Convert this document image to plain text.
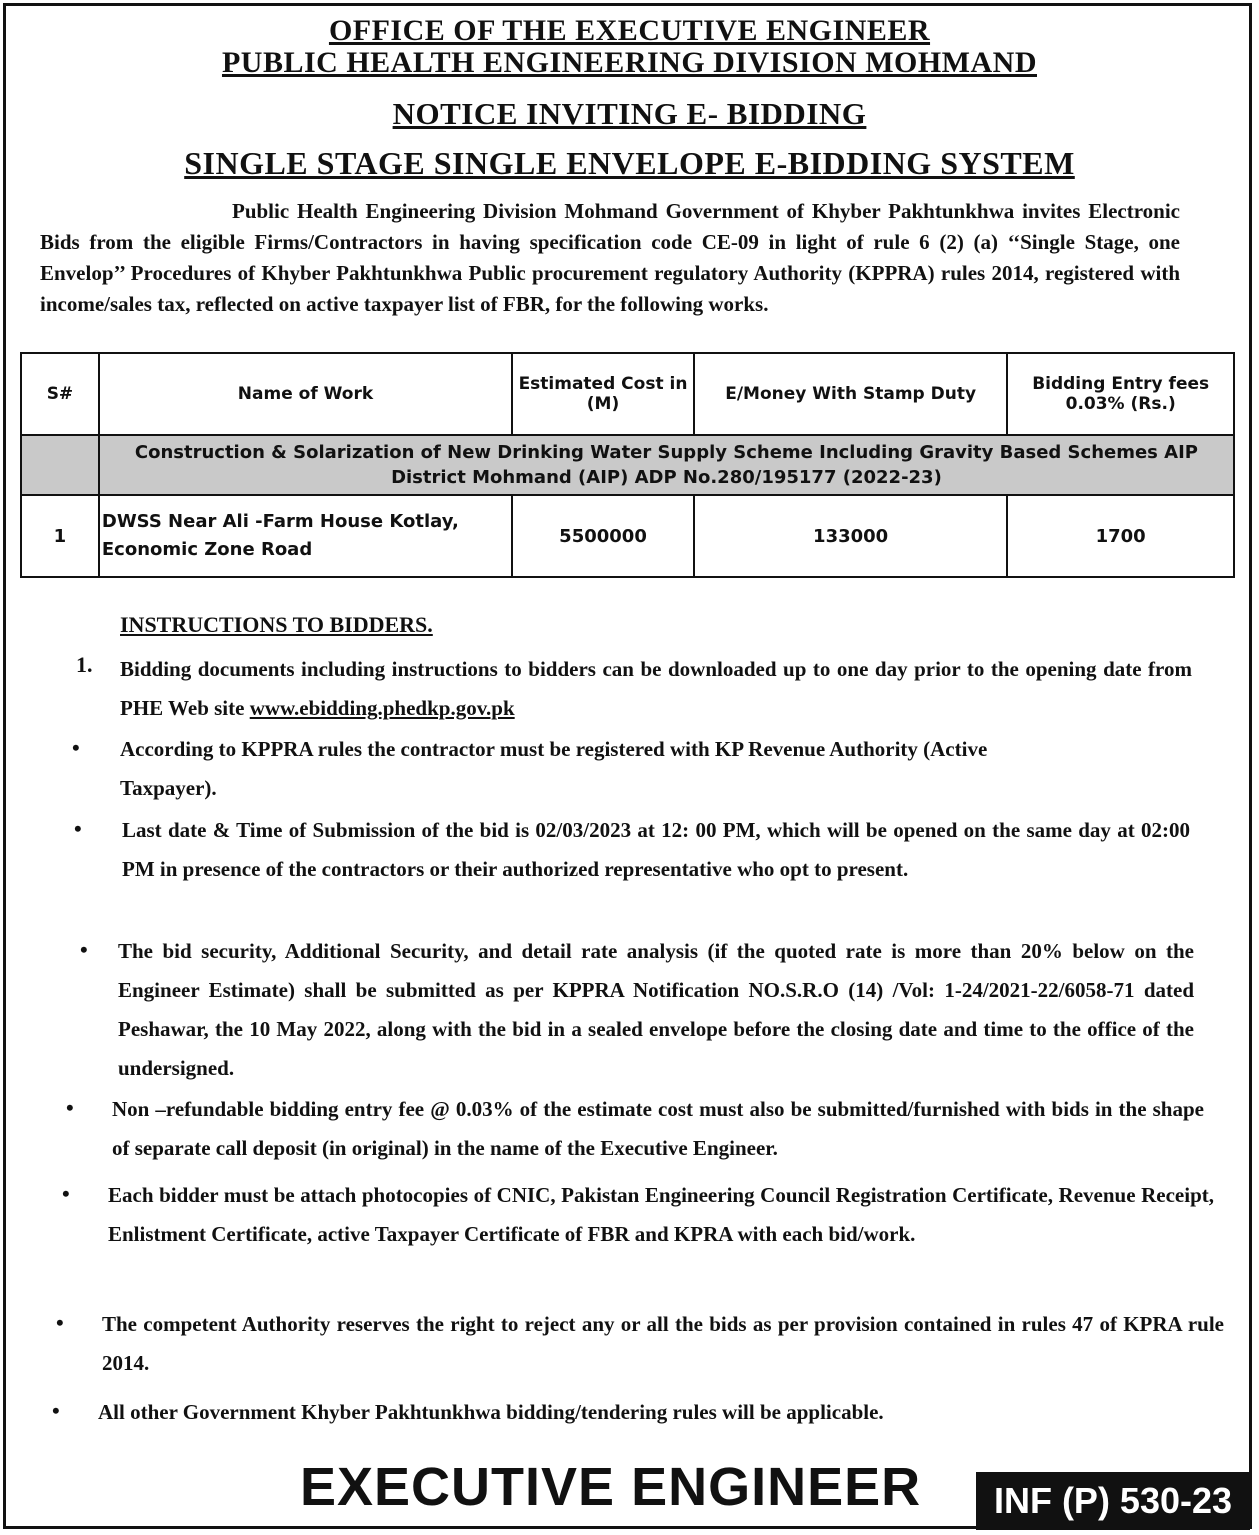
OFFICE OF THE EXECUTIVE ENGINEER
PUBLIC HEALTH ENGINEERING DIVISION MOHMAND
NOTICE INVITING E- BIDDING
SINGLE STAGE SINGLE ENVELOPE E-BIDDING SYSTEM
Public Health Engineering Division Mohmand Government of Khyber Pakhtunkhwa invites Electronic Bids from the eligible Firms/Contractors in having specification code CE-09 in light of rule 6 (2) (a) ‘‘Single Stage, one Envelop’’ Procedures of Khyber Pakhtunkhwa Public procurement regulatory Authority (KPPRA) rules 2014, registered with income/sales tax, reflected on active taxpayer list of FBR, for the following works.
S#	Name of Work	Estimated Cost in (M)	E/Money With Stamp Duty	Bidding Entry fees 0.03% (Rs.)
	Construction & Solarization of New Drinking Water Supply Scheme Including Gravity Based Schemes AIP District Mohmand (AIP) ADP No.280/195177 (2022-23)			
1	DWSS Near Ali -Farm House Kotlay, Economic Zone Road	5500000	133000	1700
INSTRUCTIONS TO BIDDERS.
1. Bidding documents including instructions to bidders can be downloaded up to one day prior to the opening date from PHE Web site www.ebidding.phedkp.gov.pk
• According to KPPRA rules the contractor must be registered with KP Revenue Authority (Active Taxpayer).
• Last date & Time of Submission of the bid is 02/03/2023 at 12: 00 PM, which will be opened on the same day at 02:00 PM in presence of the contractors or their authorized representative who opt to present.
• The bid security, Additional Security, and detail rate analysis (if the quoted rate is more than 20% below on the Engineer Estimate) shall be submitted as per KPPRA Notification NO.S.R.O (14) /Vol: 1-24/2021-22/6058-71 dated Peshawar, the 10 May 2022, along with the bid in a sealed envelope before the closing date and time to the office of the undersigned.
• Non –refundable bidding entry fee @ 0.03% of the estimate cost must also be submitted/furnished with bids in the shape of separate call deposit (in original) in the name of the Executive Engineer.
• Each bidder must be attach photocopies of CNIC, Pakistan Engineering Council Registration Certificate, Revenue Receipt, Enlistment Certificate, active Taxpayer Certificate of FBR and KPRA with each bid/work.
• The competent Authority reserves the right to reject any or all the bids as per provision contained in rules 47 of KPRA rule 2014.
• All other Government Khyber Pakhtunkhwa bidding/tendering rules will be applicable.
EXECUTIVE ENGINEER	INF (P) 530-23
